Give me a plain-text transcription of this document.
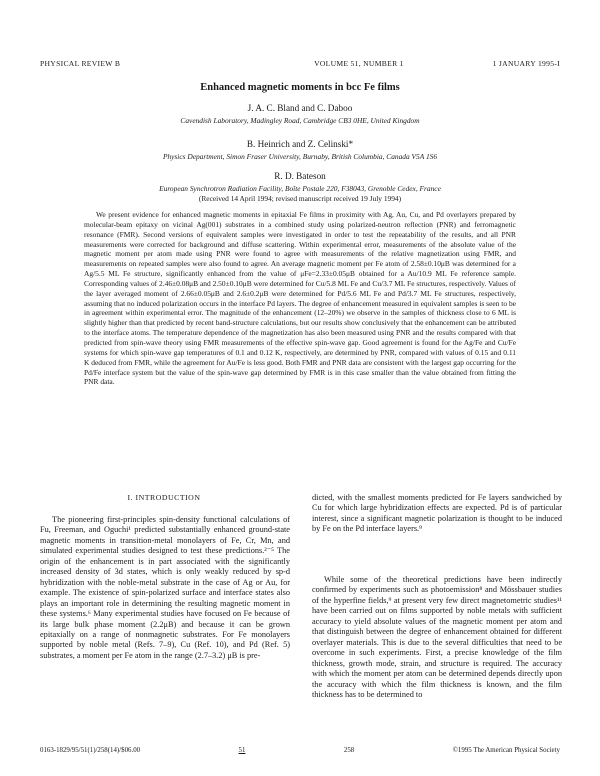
PHYSICAL REVIEW B	VOLUME 51, NUMBER 1	1 JANUARY 1995-I
Enhanced magnetic moments in bcc Fe films
J. A. C. Bland and C. Daboo
Cavendish Laboratory, Madingley Road, Cambridge CB3 0HE, United Kingdom
B. Heinrich and Z. Celinski*
Physics Department, Simon Fraser University, Burnaby, British Columbia, Canada V5A 1S6
R. D. Bateson
European Synchrotron Radiation Facility, Boîte Postale 220, F38043, Grenoble Cedex, France
(Received 14 April 1994; revised manuscript received 19 July 1994)

We present evidence for enhanced magnetic moments in epitaxial Fe films in proximity with Ag, Au, Cu, and Pd overlayers prepared by molecular-beam epitaxy on vicinal Ag(001) substrates in a combined study using polarized-neutron reflection (PNR) and ferromagnetic resonance (FMR). Second versions of equivalent samples were investigated in order to test the repeatability of the results, and all PNR measurements were corrected for background and diffuse scattering. Within experimental error, measurements of the absolute value of the magnetic moment per atom made using PNR were found to agree with measurements of the relative magnetization using FMR, and measurements on repeated samples were also found to agree. An average magnetic moment per Fe atom of 2.58±0.10μB was determined for a Ag/5.5 ML Fe structure, significantly enhanced from the value of μFe=2.33±0.05μB obtained for a Au/10.9 ML Fe reference sample. Corresponding values of 2.46±0.08μB and 2.50±0.10μB were determined for Cu/5.8 ML Fe and Cu/3.7 ML Fe structures, respectively. Values of the layer averaged moment of 2.66±0.05μB and 2.6±0.2μB were determined for Pd/5.6 ML Fe and Pd/3.7 ML Fe structures, respectively, assuming that no induced polarization occurs in the interface Pd layers. The degree of enhancement measured in equivalent samples is seen to be in agreement within experimental error. The magnitude of the enhancement (12–20%) we observe in the samples of thickness close to 6 ML is slightly higher than that predicted by recent band-structure calculations, but our results show conclusively that the enhancement can be attributed to the interface atoms. The temperature dependence of the magnetization has also been measured using PNR and the results compared with that predicted from spin-wave theory using FMR measurements of the effective spin-wave gap. Good agreement is found for the Ag/Fe and Cu/Fe systems for which spin-wave gap temperatures of 0.1 and 0.12 K, respectively, are determined by PNR, compared with values of 0.15 and 0.11 K deduced from FMR, while the agreement for Au/Fe is less good. Both FMR and PNR data are consistent with the largest gap occurring for the Pd/Fe interface system but the value of the spin-wave gap determined by FMR is in this case smaller than the value obtained from fitting the PNR data.

I. INTRODUCTION

The pioneering first-principles spin-density functional calculations of Fu, Freeman, and Oguchi¹ predicted substantially enhanced ground-state magnetic moments in transition-metal monolayers of Fe, Cr, Mn, and simulated experimental studies designed to test these predictions.²⁻⁵ The origin of the enhancement is in part associated with the significantly increased density of 3d states, which is only weakly reduced by sp-d hybridization with the noble-metal substrate in the case of Ag or Au, for example. The existence of spin-polarized surface and interface states also plays an important role in determining the resulting magnetic moment in these systems.⁶ Many experimental studies have focused on Fe because of its large bulk phase moment (2.2μB) and because it can be grown epitaxially on a range of nonmagnetic substrates. For Fe monolayers supported by noble metal (Refs. 7–9), Cu (Ref. 10), and Pd (Ref. 5) substrates, a moment per Fe atom in the range (2.7–3.2) μB is pre-

dicted, with the smallest moments predicted for Fe layers sandwiched by Cu for which large hybridization effects are expected. Pd is of particular interest, since a significant magnetic polarization is thought to be induced by Fe on the Pd interface layers.⁹

While some of the theoretical predictions have been indirectly confirmed by experiments such as photoemission⁸ and Mössbauer studies of the hyperfine fields,⁹ at present very few direct magnetometric studies¹¹ have been carried out on films supported by noble metals with sufficient accuracy to yield absolute values of the magnetic moment per atom and that distinguish between the degree of enhancement obtained for different overlayer materials. This is due to the several difficulties that need to be overcome in such experiments. First, a precise knowledge of the film thickness, growth mode, strain, and structure is required. The accuracy with which the moment per atom can be determined depends directly upon the accuracy with which the film thickness is known, and the film thickness has to be determined to

0163-1829/95/51(1)/258(14)/$06.00	51	258	©1995 The American Physical Society
